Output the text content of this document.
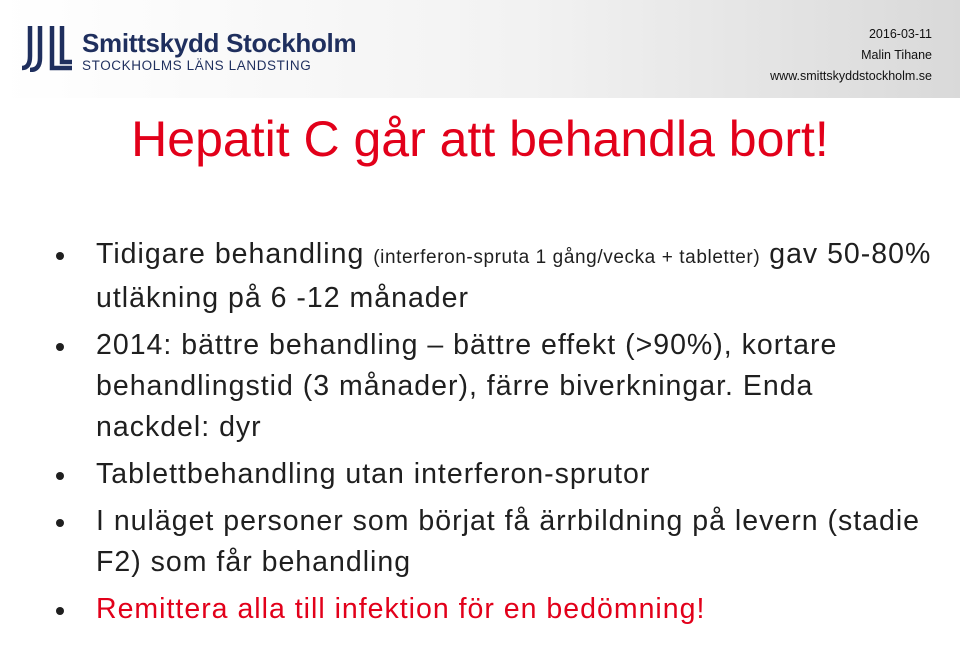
Smittskydd Stockholm
STOCKHOLMS LÄNS LANDSTING
2016-03-11
Malin Tihane
www.smittskyddstockholm.se
Hepatit C går att behandla bort!
Tidigare behandling (interferon-spruta 1 gång/vecka + tabletter) gav 50-80% utläkning på 6 -12 månader
2014: bättre behandling – bättre effekt (>90%), kortare behandlingstid (3 månader), färre biverkningar. Enda nackdel: dyr
Tablettbehandling utan interferon-sprutor
I nuläget personer som börjat få ärrbildning på levern (stadie F2) som får behandling
Remittera alla till infektion för en bedömning!
